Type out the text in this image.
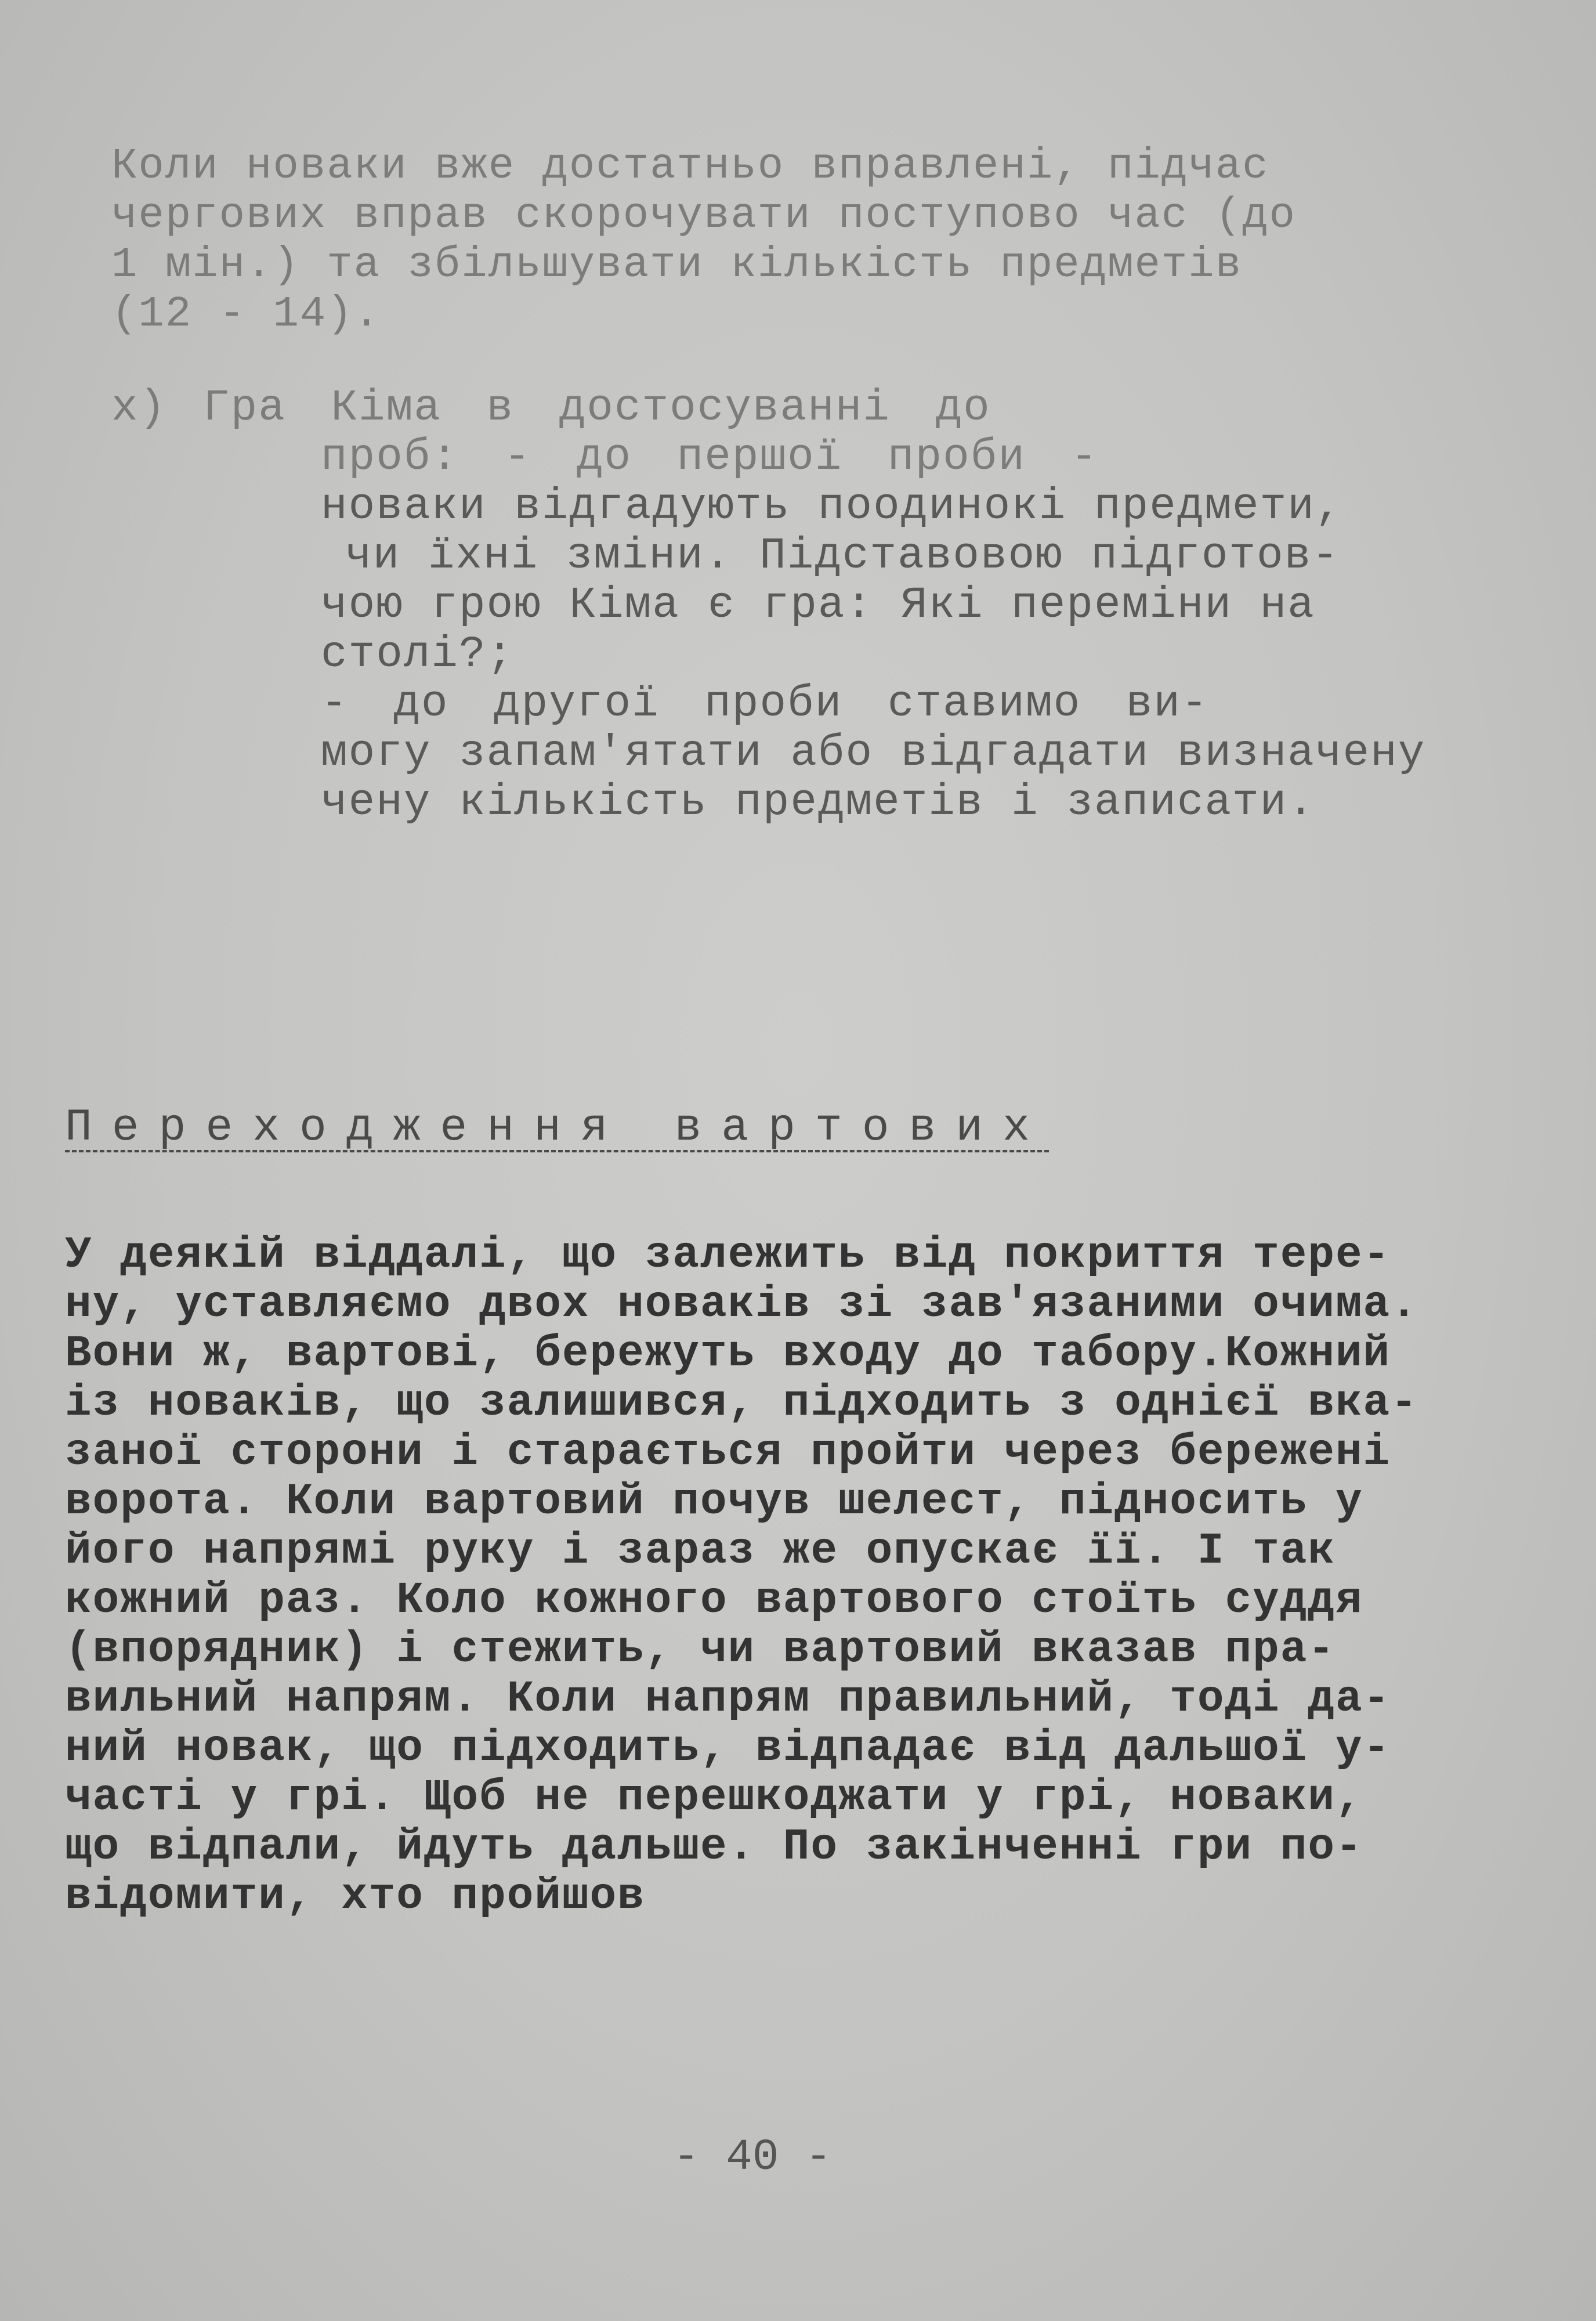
Коли новаки вже достатньо вправлені, підчас

чергових вправ скорочувати поступово час (до

1 мін.) та збільшувати кількість предметів

(12 - 14).

х) Гра Кіма в достосуванні до

проб: - до першої проби -

новаки відгадують поодинокі предмети,

чи їхні зміни. Підставовою підготов-

чою грою Кіма є гра: Які переміни на

столі?;

- до другої проби ставимо ви-

могу запам'ятати або відгадати визначену

чену кількість предметів і записати.

Переходження вартових

У деякій віддалі, що залежить від покриття тере-

ну, уставляємо двох новаків зі зав'язаними очима.

Вони ж, вартові, бережуть входу до табору.Кожний

із новаків, що залишився, підходить з однієї вка-

заної сторони і старається пройти через бережені

ворота. Коли вартовий почув шелест, підносить у

його напрямі руку і зараз же опускає її. І так

кожний раз. Коло кожного вартового стоїть суддя

(впорядник) і стежить, чи вартовий вказав пра-

вильний напрям. Коли напрям правильний, тоді да-

ний новак, що підходить, відпадає від дальшої у-

часті у грі. Щоб не перешкоджати у грі, новаки,

що відпали, йдуть дальше. По закінченні гри по-

відомити, хто пройшов

- 40 -
